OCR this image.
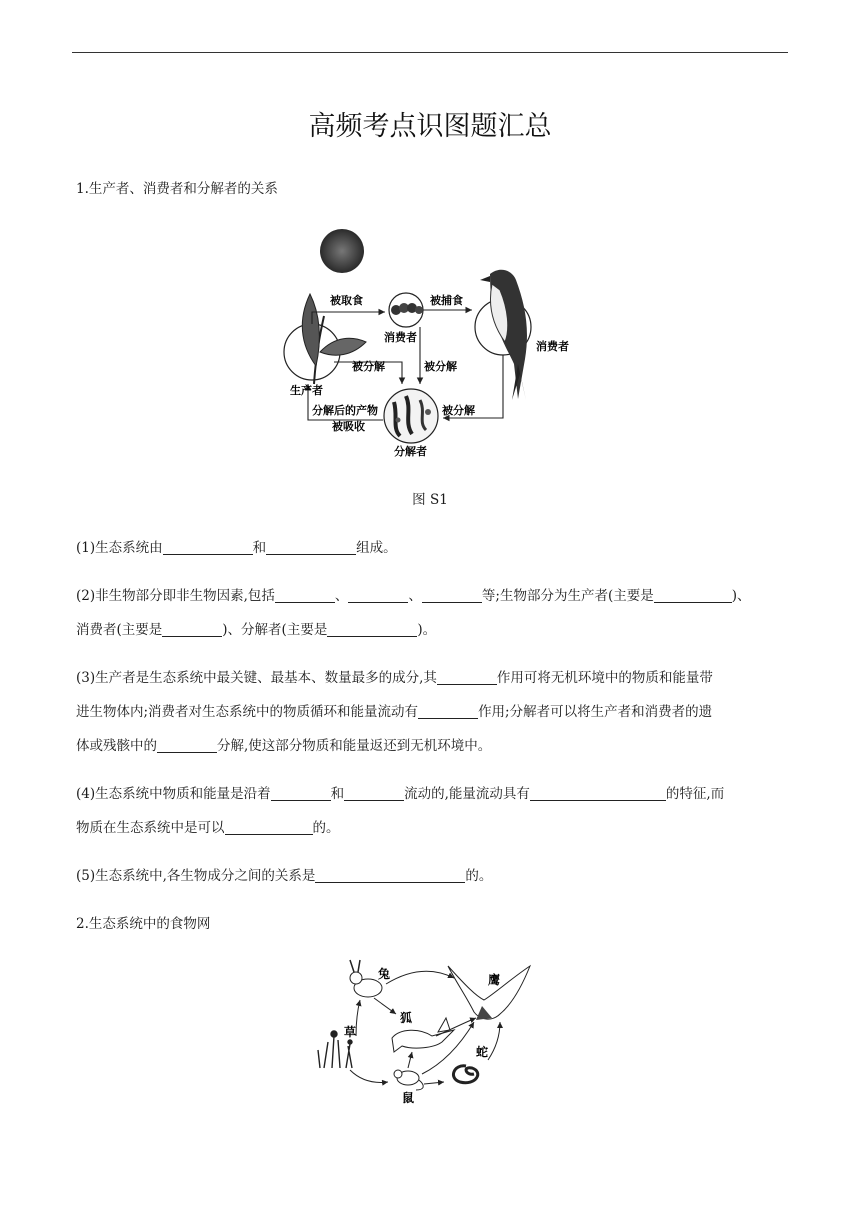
高频考点识图题汇总
1.生产者、消费者和分解者的关系
被取食	被捕食
消费者
消费者
生产者
被分解	被分解
被分解
分解后的产物
被吸收
分解者
图 S1
(1)生态系统由	和	组成。
(2)非生物部分即非生物因素,包括	、	、	等;生物部分为生产者(主要是	)、
消费者(主要是	)、分解者(主要是	)。
(3)生产者是生态系统中最关键、最基本、数量最多的成分,其	作用可将无机环境中的物质和能量带
进生物体内;消费者对生态系统中的物质循环和能量流动有	作用;分解者可以将生产者和消费者的遗
体或残骸中的	分解,使这部分物质和能量返还到无机环境中。
(4)生态系统中物质和能量是沿着	和	流动的,能量流动具有	的特征,而
物质在生态系统中是可以	的。
(5)生态系统中,各生物成分之间的关系是	的。
2.生态系统中的食物网
兔	鹰
狐
草
鼠
蛇
